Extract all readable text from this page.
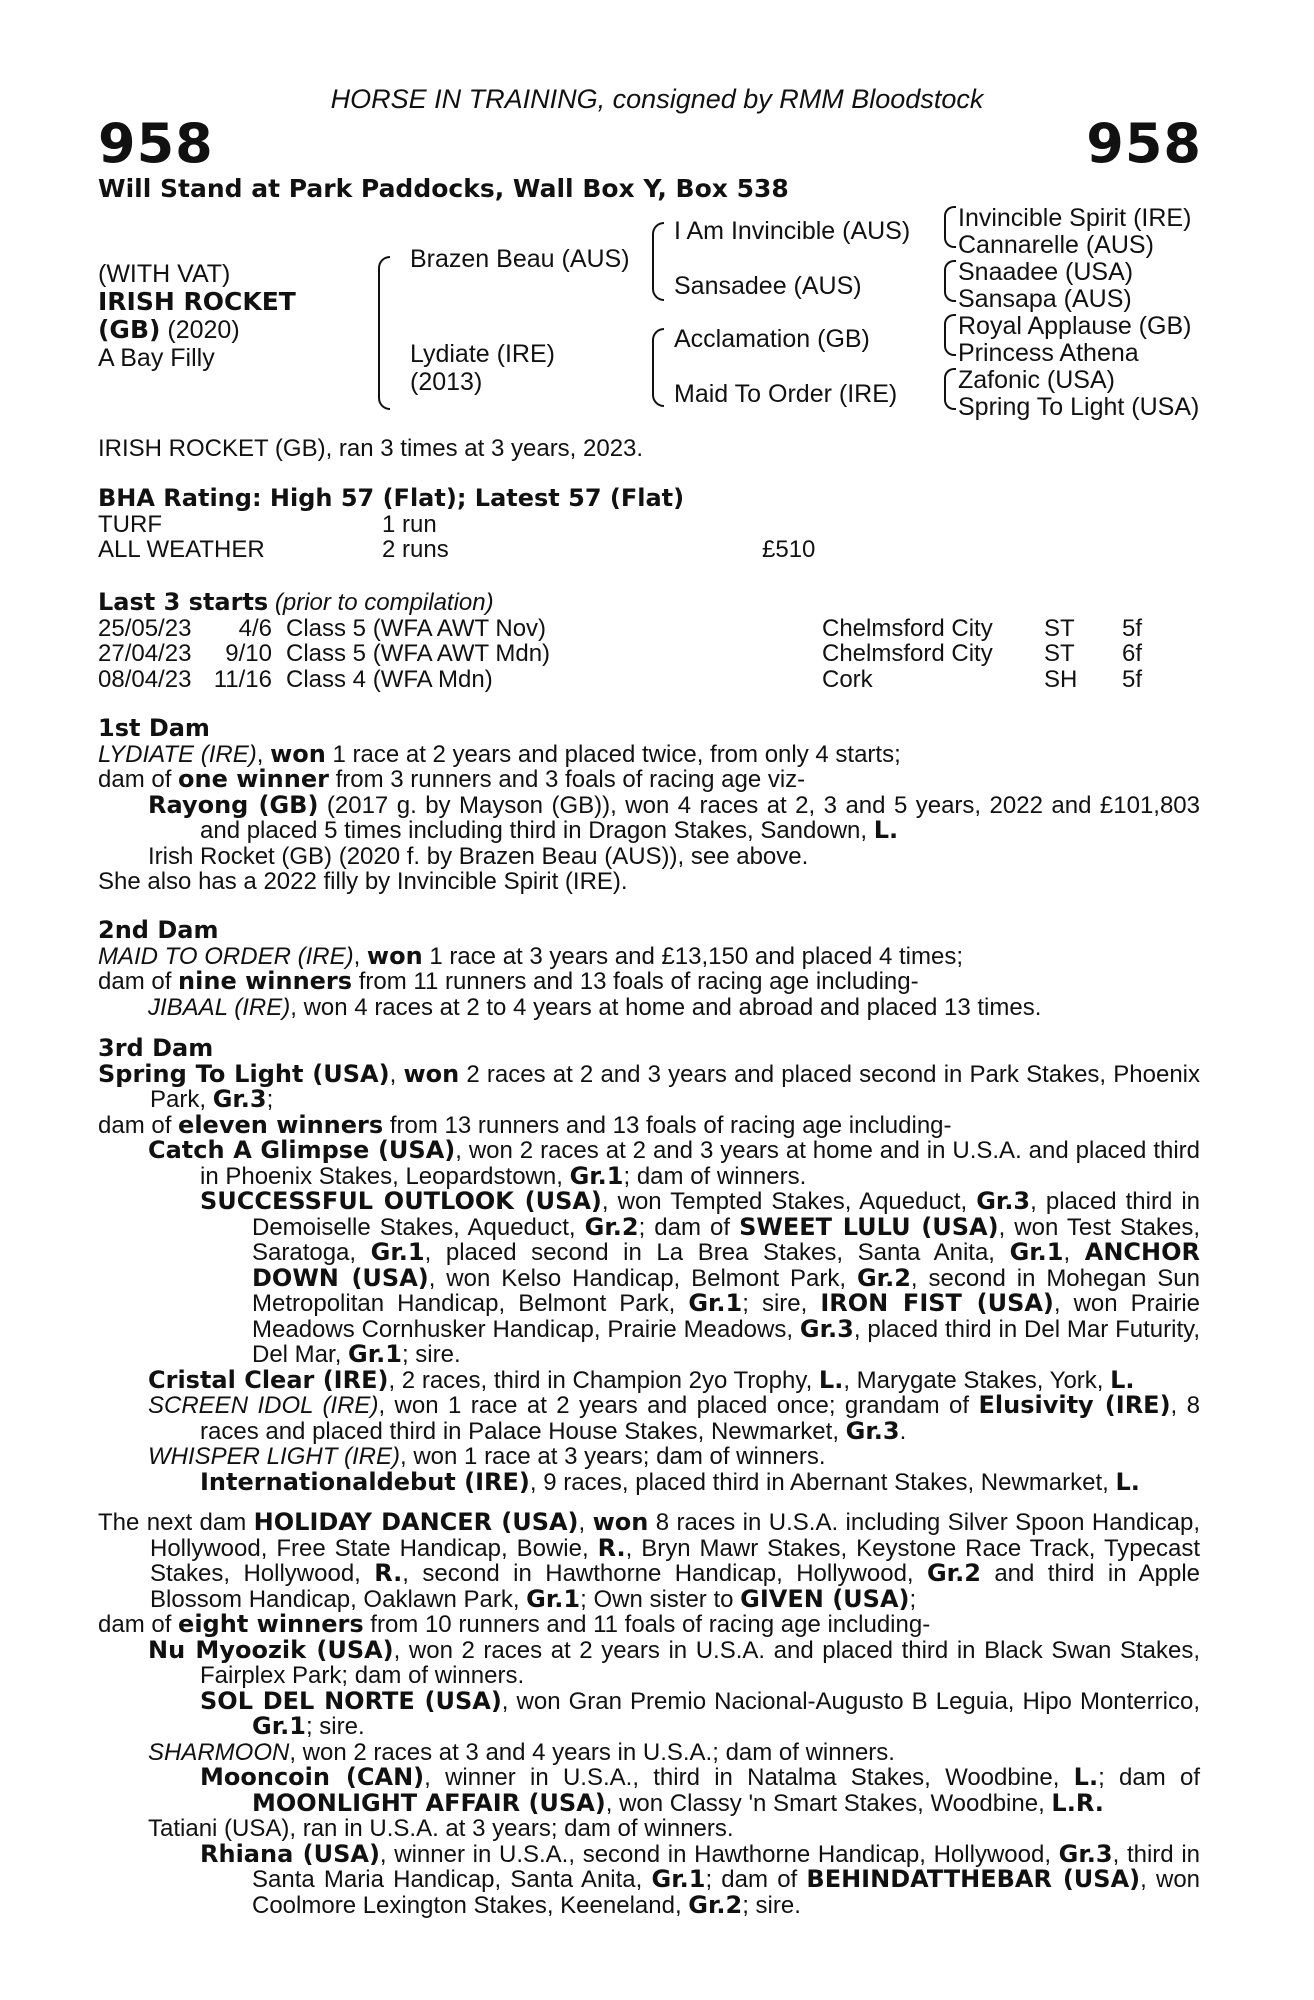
HORSE IN TRAINING, consigned by RMM Bloodstock
958	958
Will Stand at Park Paddocks, Wall Box Y, Box 538
(WITH VAT)
IRISH ROCKET
(GB) (2020)
A Bay Filly
Brazen Beau (AUS)
Lydiate (IRE)
(2013)
I Am Invincible (AUS)
Sansadee (AUS)
Acclamation (GB)
Maid To Order (IRE)
Invincible Spirit (IRE)
Cannarelle (AUS)
Snaadee (USA)
Sansapa (AUS)
Royal Applause (GB)
Princess Athena
Zafonic (USA)
Spring To Light (USA)
IRISH ROCKET (GB), ran 3 times at 3 years, 2023.

BHA Rating: High 57 (Flat); Latest 57 (Flat)

TURF	1 run	
ALL WEATHER	2 runs	£510

Last 3 starts (prior to compilation)

25/05/23	4/6	Class 5 (WFA AWT Nov)	Chelmsford City	ST	5f
27/04/23	9/10	Class 5 (WFA AWT Mdn)	Chelmsford City	ST	6f
08/04/23	11/16	Class 4 (WFA Mdn)	Cork	SH	5f

1st Dam

LYDIATE (IRE), won 1 race at 2 years and placed twice, from only 4 starts;

dam of one winner from 3 runners and 3 foals of racing age viz-

Rayong (GB) (2017 g. by Mayson (GB)), won 4 races at 2, 3 and 5 years, 2022 and £101,803 and placed 5 times including third in Dragon Stakes, Sandown, L.

Irish Rocket (GB) (2020 f. by Brazen Beau (AUS)), see above.

She also has a 2022 filly by Invincible Spirit (IRE).

2nd Dam

MAID TO ORDER (IRE), won 1 race at 3 years and £13,150 and placed 4 times;

dam of nine winners from 11 runners and 13 foals of racing age including-

JIBAAL (IRE), won 4 races at 2 to 4 years at home and abroad and placed 13 times.

3rd Dam

Spring To Light (USA), won 2 races at 2 and 3 years and placed second in Park Stakes, Phoenix Park, Gr.3;

dam of eleven winners from 13 runners and 13 foals of racing age including-

Catch A Glimpse (USA), won 2 races at 2 and 3 years at home and in U.S.A. and placed third in Phoenix Stakes, Leopardstown, Gr.1; dam of winners.

SUCCESSFUL OUTLOOK (USA), won Tempted Stakes, Aqueduct, Gr.3, placed third in Demoiselle Stakes, Aqueduct, Gr.2; dam of SWEET LULU (USA), won Test Stakes, Saratoga, Gr.1, placed second in La Brea Stakes, Santa Anita, Gr.1, ANCHOR DOWN (USA), won Kelso Handicap, Belmont Park, Gr.2, second in Mohegan Sun Metropolitan Handicap, Belmont Park, Gr.1; sire, IRON FIST (USA), won Prairie Meadows Cornhusker Handicap, Prairie Meadows, Gr.3, placed third in Del Mar Futurity, Del Mar, Gr.1; sire.

Cristal Clear (IRE), 2 races, third in Champion 2yo Trophy, L., Marygate Stakes, York, L.

SCREEN IDOL (IRE), won 1 race at 2 years and placed once; grandam of Elusivity (IRE), 8 races and placed third in Palace House Stakes, Newmarket, Gr.3.

WHISPER LIGHT (IRE), won 1 race at 3 years; dam of winners.

Internationaldebut (IRE), 9 races, placed third in Abernant Stakes, Newmarket, L.

The next dam HOLIDAY DANCER (USA), won 8 races in U.S.A. including Silver Spoon Handicap, Hollywood, Free State Handicap, Bowie, R., Bryn Mawr Stakes, Keystone Race Track, Typecast Stakes, Hollywood, R., second in Hawthorne Handicap, Hollywood, Gr.2 and third in Apple Blossom Handicap, Oaklawn Park, Gr.1; Own sister to GIVEN (USA);

dam of eight winners from 10 runners and 11 foals of racing age including-

Nu Myoozik (USA), won 2 races at 2 years in U.S.A. and placed third in Black Swan Stakes, Fairplex Park; dam of winners.

SOL DEL NORTE (USA), won Gran Premio Nacional-Augusto B Leguia, Hipo Monterrico, Gr.1; sire.

SHARMOON, won 2 races at 3 and 4 years in U.S.A.; dam of winners.

Mooncoin (CAN), winner in U.S.A., third in Natalma Stakes, Woodbine, L.; dam of MOONLIGHT AFFAIR (USA), won Classy 'n Smart Stakes, Woodbine, L.R.

Tatiani (USA), ran in U.S.A. at 3 years; dam of winners.

Rhiana (USA), winner in U.S.A., second in Hawthorne Handicap, Hollywood, Gr.3, third in Santa Maria Handicap, Santa Anita, Gr.1; dam of BEHINDATTHEBAR (USA), won Coolmore Lexington Stakes, Keeneland, Gr.2; sire.
